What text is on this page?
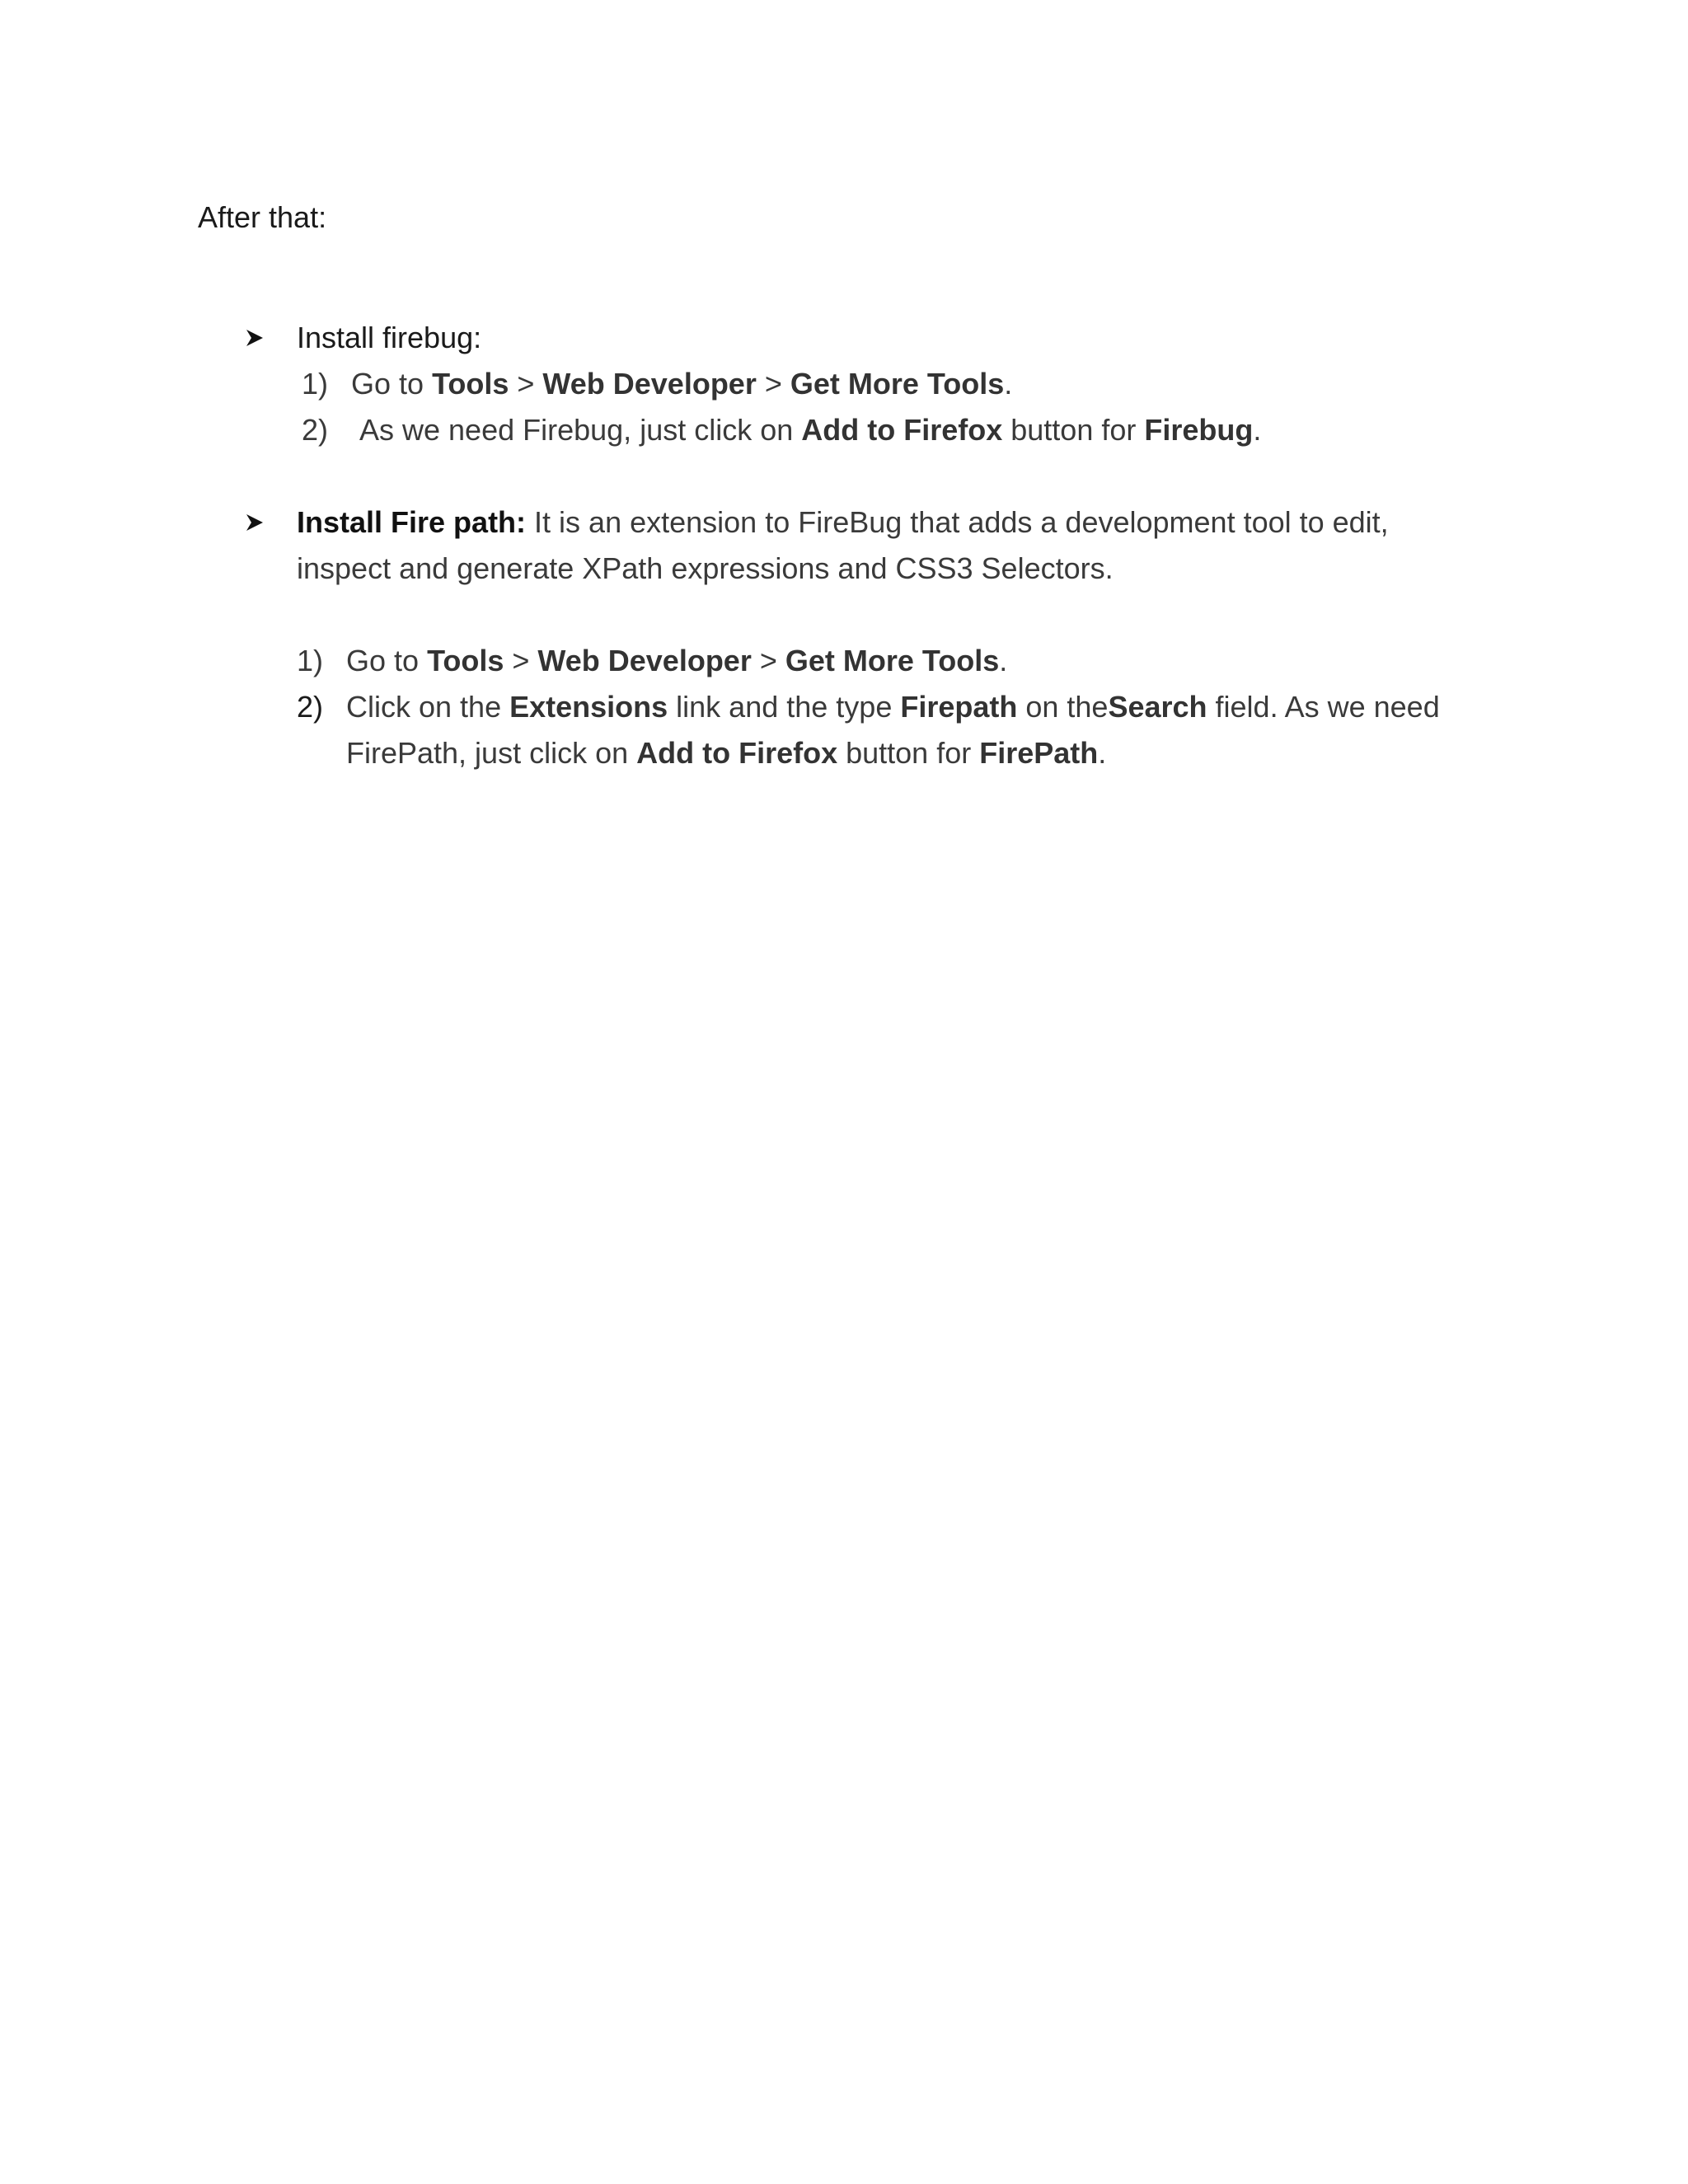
After that:
Install firebug:
1) Go to Tools > Web Developer > Get More Tools.
2)	As we need Firebug, just click on Add to Firefox button for Firebug.
Install Fire path: It is an extension to FireBug that adds a development tool to edit, inspect and generate XPath expressions and CSS3 Selectors.
1) Go to Tools > Web Developer > Get More Tools.
2) Click on the Extensions link and the type Firepath on theSearch field. As we need FirePath, just click on Add to Firefox button for FirePath.
